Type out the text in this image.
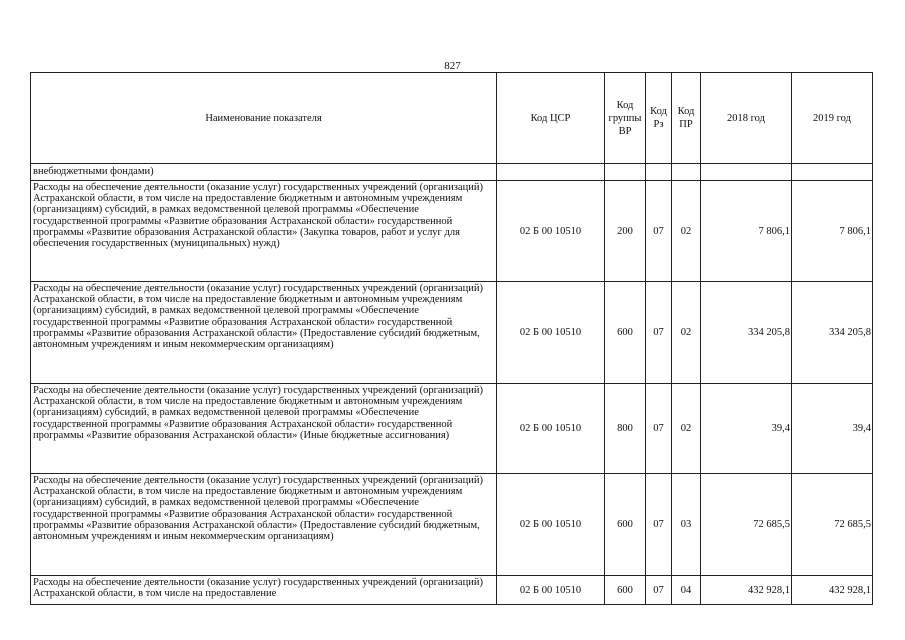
827
Наименование показателя	Код ЦСР	Код группы ВР	Код Рз	Код ПР	2018 год	2019 год
внебюджетными фондами)						
Расходы на обеспечение деятельности (оказание услуг) государственных учреждений (организаций) Астраханской области, в том числе на предоставление бюджетным и автономным учреждениям (организациям) субсидий, в рамках ведомственной целевой программы «Обеспечение государственной программы «Развитие образования Астраханской области» государственной программы «Развитие образования Астраханской области» (Закупка товаров, работ и услуг для обеспечения государственных (муниципальных) нужд)	02 Б 00 10510	200	07	02	7 806,1	7 806,1
Расходы на обеспечение деятельности (оказание услуг) государственных учреждений (организаций) Астраханской области, в том числе на предоставление бюджетным и автономным учреждениям (организациям) субсидий, в рамках ведомственной целевой программы «Обеспечение государственной программы «Развитие образования Астраханской области» государственной программы «Развитие образования Астраханской области» (Предоставление субсидий бюджетным, автономным учреждениям и иным некоммерческим организациям)	02 Б 00 10510	600	07	02	334 205,8	334 205,8
Расходы на обеспечение деятельности (оказание услуг) государственных учреждений (организаций) Астраханской области, в том числе на предоставление бюджетным и автономным учреждениям (организациям) субсидий, в рамках ведомственной целевой программы «Обеспечение государственной программы «Развитие образования Астраханской области» государственной программы «Развитие образования Астраханской области» (Иные бюджетные ассигнования)	02 Б 00 10510	800	07	02	39,4	39,4
Расходы на обеспечение деятельности (оказание услуг) государственных учреждений (организаций) Астраханской области, в том числе на предоставление бюджетным и автономным учреждениям (организациям) субсидий, в рамках ведомственной целевой программы «Обеспечение государственной программы «Развитие образования Астраханской области» государственной программы «Развитие образования Астраханской области» (Предоставление субсидий бюджетным, автономным учреждениям и иным некоммерческим организациям)	02 Б 00 10510	600	07	03	72 685,5	72 685,5
Расходы на обеспечение деятельности (оказание услуг) государственных учреждений (организаций) Астраханской области, в том числе на предоставление	02 Б 00 10510	600	07	04	432 928,1	432 928,1
